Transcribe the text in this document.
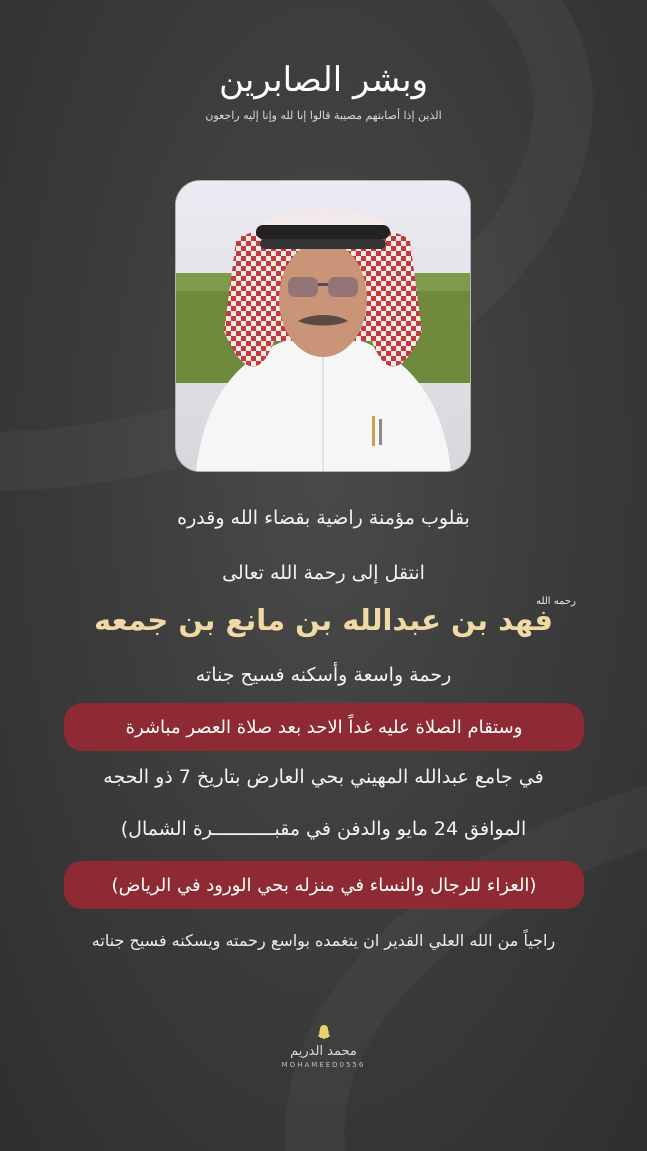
وبشر الصابرين
الذين إذا أصابتهم مصيبة قالوا إنا لله وإنا إليه راجعون
بقلوب مؤمنة راضية بقضاء الله وقدره
انتقل إلى رحمة الله تعالى
فهد بن عبدالله بن مانع بن جمعه
رحمه الله
رحمة واسعة وأسكنه فسيح جناته
وستقام الصلاة عليه غداً الاحد بعد صلاة العصر مباشرة
في جامع عبدالله المهيني بحي العارض بتاريخ 7 ذو الحجه
الموافق 24 مايو والدفن في مقبـــــــــــرة الشمال)
(العزاء للرجال والنساء في منزله بحي الورود في الرياض)
راجياً من الله العلي القدير ان يتغمده بواسع رحمته ويسكنه فسيح جناته
محمد الدريم
MOHAMEED0556
